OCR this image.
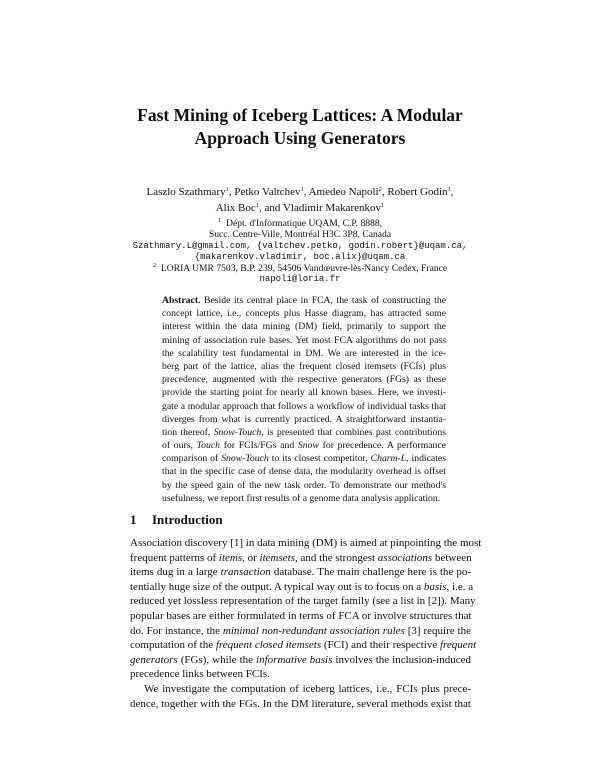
Fast Mining of Iceberg Lattices: A Modular
Approach Using Generators
Laszlo Szathmary$^1$, Petko Valtchev$^1$, Amedeo Napoli$^2$, Robert Godin$^1$,
Alix Boc$^1$, and Vladimir Makarenkov$^1$
$^1$  Dépt. d'Informatique UQAM, C.P. 8888,
Succ. Centre-Ville, Montréal H3C 3P8, Canada
Szathmary.L@gmail.com, {valtchev.petko, godin.robert}@uqam.ca,
{makarenkov.vladimir, boc.alix}@uqam.ca
$^2$  LORIA UMR 7503, B.P. 239, 54506 Vandœuvre-lès-Nancy Cedex, France
napoli@loria.fr
Abstract. Beside its central place in FCA, the task of constructing the
concept lattice, i.e., concepts plus Hasse diagram, has attracted some
interest within the data mining (DM) field, primarily to support the
mining of association rule bases. Yet most FCA algorithms do not pass
the scalability test fundamental in DM. We are interested in the ice-
berg part of the lattice, alias the frequent closed itemsets (FCIs) plus
precedence, augmented with the respective generators (FGs) as these
provide the starting point for nearly all known bases. Here, we investi-
gate a modular approach that follows a workflow of individual tasks that
diverges from what is currently practiced. A straightforward instantia-
tion thereof, Snow-Touch, is presented that combines past contributions
of ours, Touch for FCIs/FGs and Snow for precedence. A performance
comparison of Snow-Touch to its closest competitor, Charm-L, indicates
that in the specific case of dense data, the modularity overhead is offset
by the speed gain of the new task order. To demonstrate our method's
usefulness, we report first results of a genome data analysis application.
1 Introduction
Association discovery [1] in data mining (DM) is aimed at pinpointing the most
frequent patterns of items, or itemsets, and the strongest associations between
items dug in a large transaction database. The main challenge here is the po-
tentially huge size of the output. A typical way out is to focus on a basis, i.e. a
reduced yet lossless representation of the target family (see a list in [2]). Many
popular bases are either formulated in terms of FCA or involve structures that
do. For instance, the minimal non-redundant association rules [3] require the
computation of the frequent closed itemsets (FCI) and their respective frequent
generators (FGs), while the informative basis involves the inclusion-induced
precedence links between FCIs.
We investigate the computation of iceberg lattices, i.e., FCIs plus prece-
dence, together with the FGs. In the DM literature, several methods exist that
